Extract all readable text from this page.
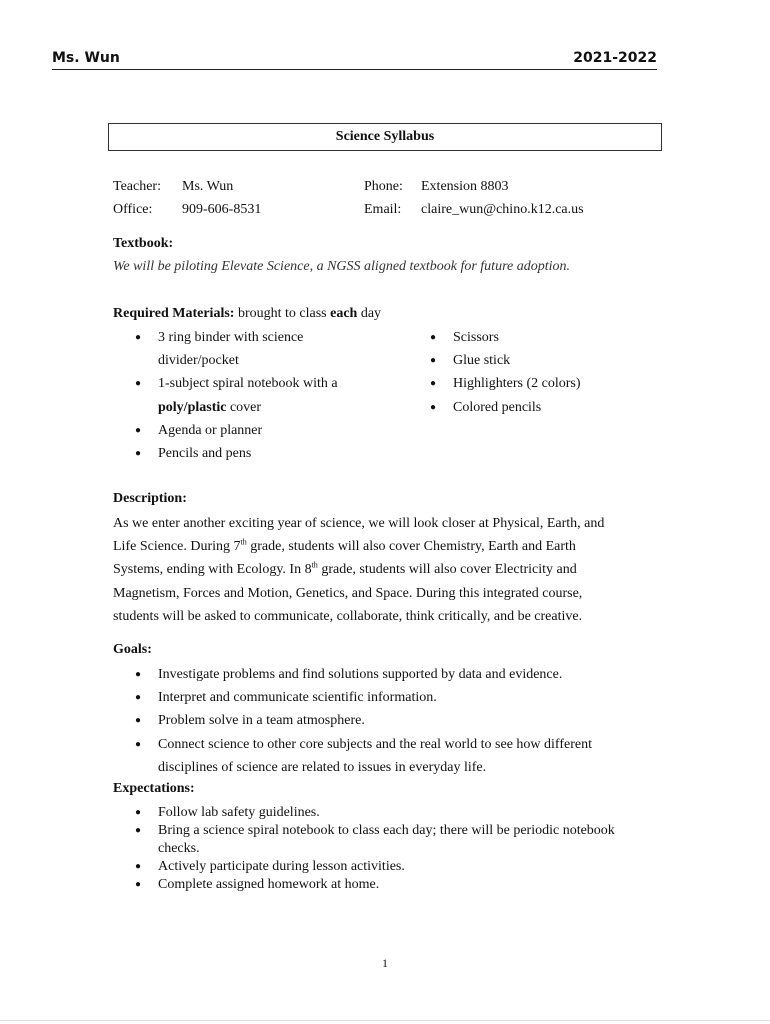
Ms. Wun	2021-2022
Science Syllabus
Teacher: Ms. Wun	Phone: Extension 8803
Office: 909-606-8531	Email: claire_wun@chino.k12.ca.us
Textbook:
We will be piloting Elevate Science, a NGSS aligned textbook for future adoption.
Required Materials: brought to class each day
● 3 ring binder with science
divider/pocket
● 1-subject spiral notebook with a
poly/plastic cover
● Agenda or planner
● Pencils and pens
● Scissors
● Glue stick
● Highlighters (2 colors)
● Colored pencils
Description:
As we enter another exciting year of science, we will look closer at Physical, Earth, and
Life Science. During 7th grade, students will also cover Chemistry, Earth and Earth
Systems, ending with Ecology. In 8th grade, students will also cover Electricity and
Magnetism, Forces and Motion, Genetics, and Space. During this integrated course,
students will be asked to communicate, collaborate, think critically, and be creative.
Goals:
● Investigate problems and find solutions supported by data and evidence.
● Interpret and communicate scientific information.
● Problem solve in a team atmosphere.
● Connect science to other core subjects and the real world to see how different
disciplines of science are related to issues in everyday life.
Expectations:
● Follow lab safety guidelines.
● Bring a science spiral notebook to class each day; there will be periodic notebook
checks.
● Actively participate during lesson activities.
● Complete assigned homework at home.
1
